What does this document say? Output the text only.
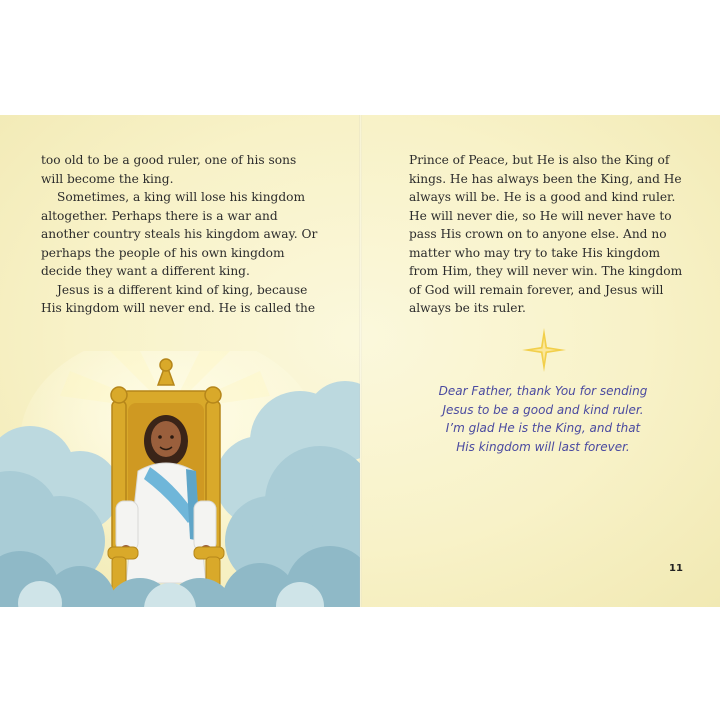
too old to be a good ruler, one of his sons will become the king.

Sometimes, a king will lose his kingdom altogether. Perhaps there is a war and another country steals his kingdom away. Or perhaps the people of his own kingdom decide they want a different king.

Jesus is a different kind of king, because His kingdom will never end. He is called the

Prince of Peace, but He is also the King of kings. He has always been the King, and He always will be. He is a good and kind ruler. He will never die, so He will never have to pass His crown on to anyone else. And no matter who may try to take His kingdom from Him, they will never win. The kingdom of God will remain forever, and Jesus will always be its ruler.

Dear Father, thank You for sending
Jesus to be a good and kind ruler.
I’m glad He is the King, and that
His kingdom will last forever.
11
